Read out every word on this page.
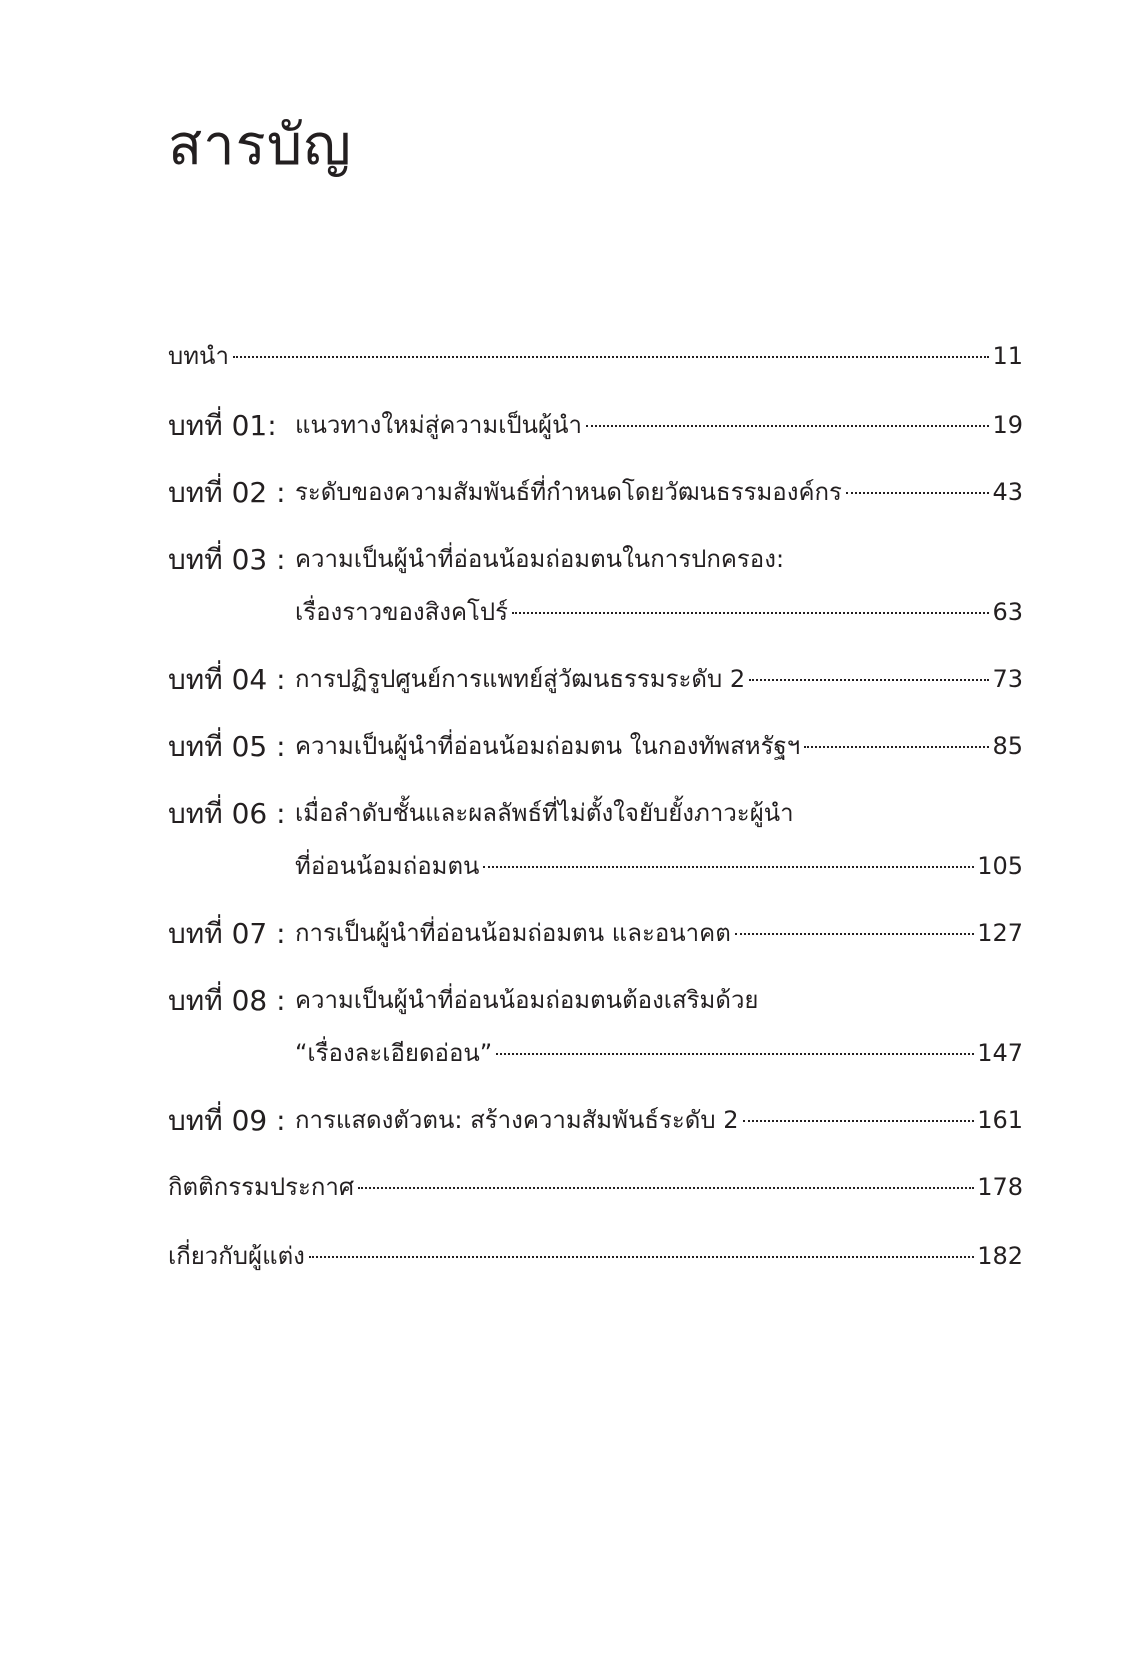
สารบัญ
บทนำ	11
บทที่ 01: แนวทางใหม่สู่ความเป็นผู้นำ	19
บทที่ 02 : ระดับของความสัมพันธ์ที่กำหนดโดยวัฒนธรรมองค์กร	43
บทที่ 03 : ความเป็นผู้นำที่อ่อนน้อมถ่อมตนในการปกครอง:
เรื่องราวของสิงคโปร์	63
บทที่ 04 : การปฏิรูปศูนย์การแพทย์สู่วัฒนธรรมระดับ 2	73
บทที่ 05 : ความเป็นผู้นำที่อ่อนน้อมถ่อมตน ในกองทัพสหรัฐฯ	85
บทที่ 06 : เมื่อลำดับชั้นและผลลัพธ์ที่ไม่ตั้งใจยับยั้งภาวะผู้นำ
ที่อ่อนน้อมถ่อมตน	105
บทที่ 07 : การเป็นผู้นำที่อ่อนน้อมถ่อมตน และอนาคต	127
บทที่ 08 : ความเป็นผู้นำที่อ่อนน้อมถ่อมตนต้องเสริมด้วย
“เรื่องละเอียดอ่อน”	147
บทที่ 09 : การแสดงตัวตน: สร้างความสัมพันธ์ระดับ 2	161
กิตติกรรมประกาศ	178
เกี่ยวกับผู้แต่ง	182
